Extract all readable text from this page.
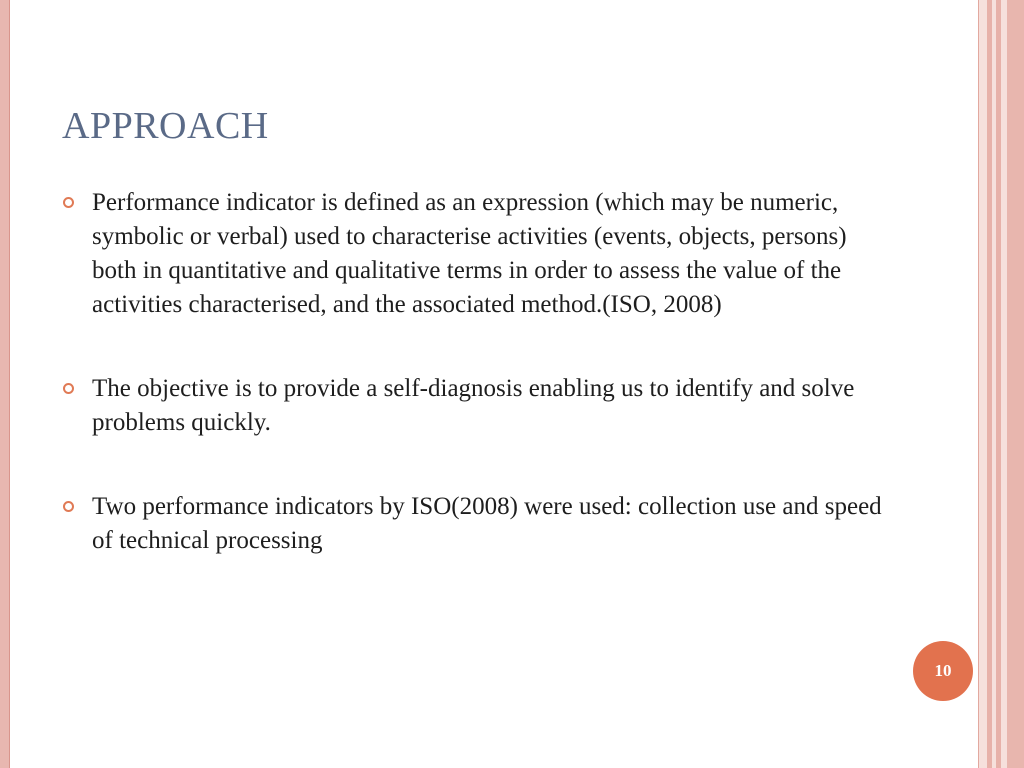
APPROACH
Performance indicator is defined as an expression (which may be numeric, symbolic or verbal) used to characterise activities (events, objects, persons) both in quantitative and qualitative terms in order to assess the value of the activities characterised, and the associated method.(ISO, 2008)
The objective is to provide a self-diagnosis enabling us to identify and solve problems quickly.
Two performance indicators by ISO(2008) were used: collection use and speed of technical processing
10
